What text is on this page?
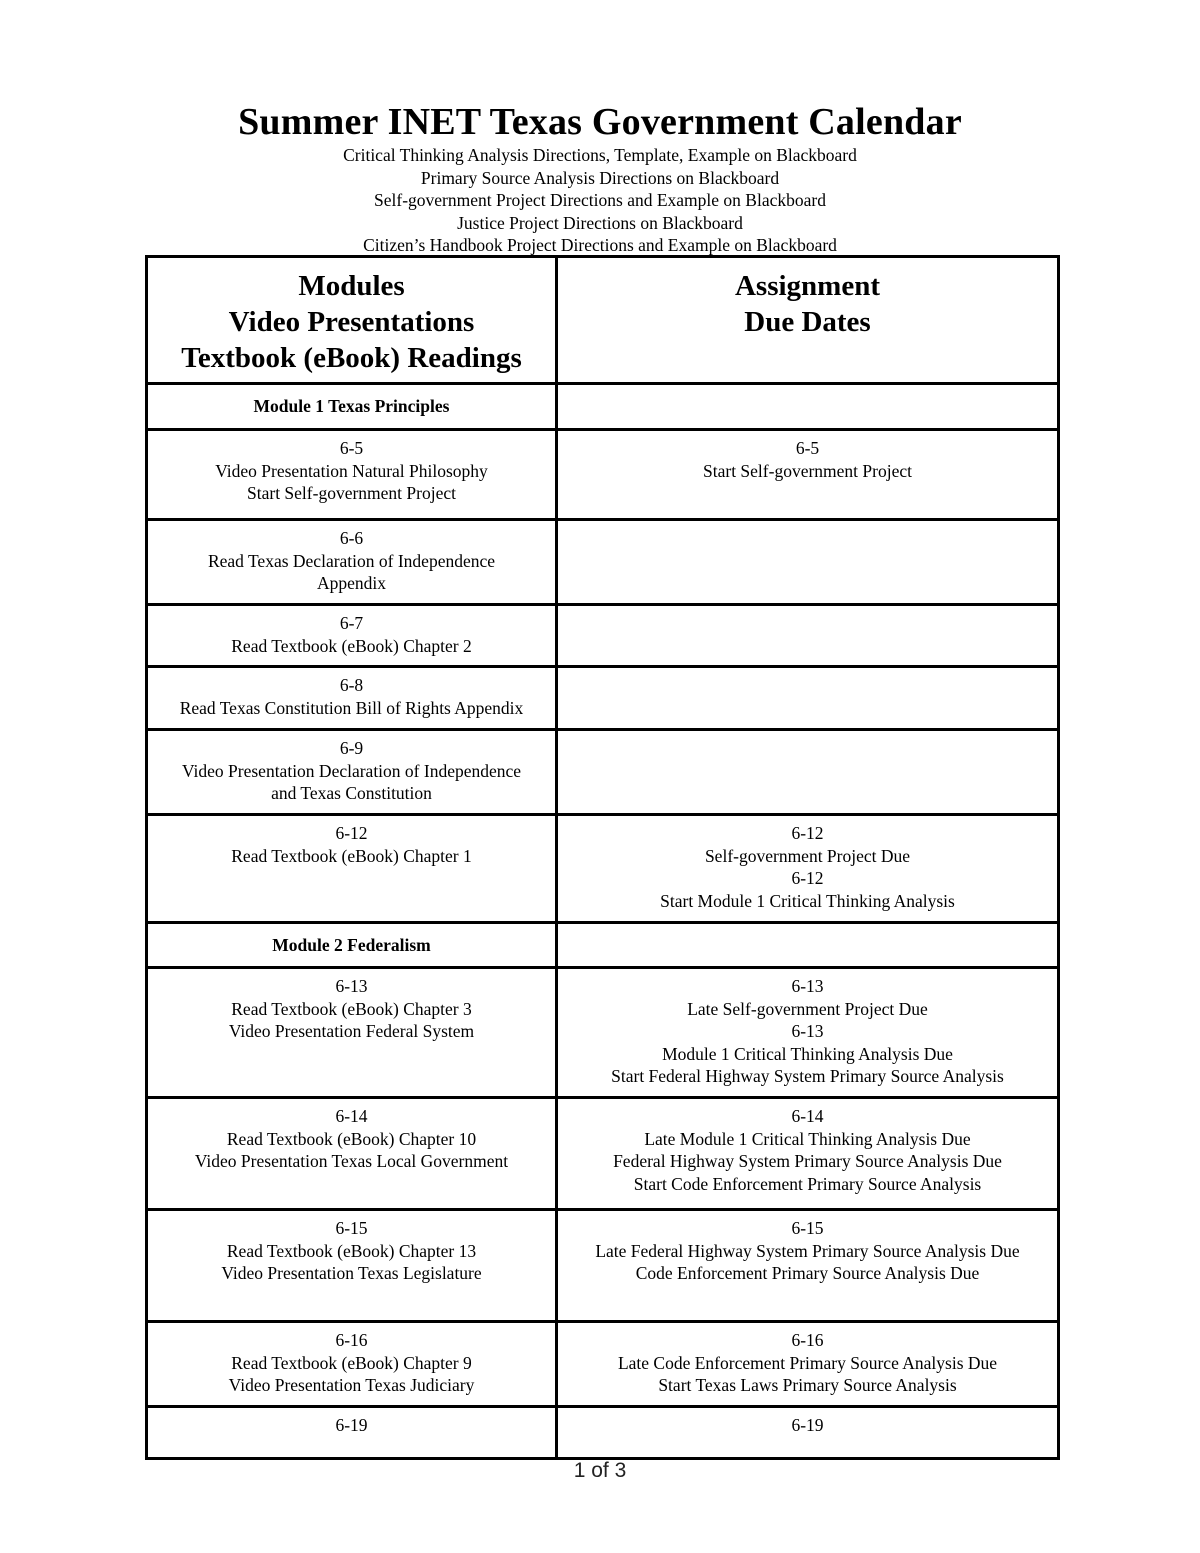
Summer INET Texas Government Calendar
Critical Thinking Analysis Directions, Template, Example on Blackboard
Primary Source Analysis Directions on Blackboard
Self-government Project Directions and Example on Blackboard
Justice Project Directions on Blackboard
Citizen’s Handbook Project Directions and Example on Blackboard
Modules
Video Presentations
Textbook (eBook) Readings	Assignment
Due Dates

Module 1 Texas Principles	

6-5
Video Presentation Natural Philosophy
Start Self-government Project	6-5
Start Self-government Project

6-6
Read Texas Declaration of Independence
Appendix	

6-7
Read Textbook (eBook) Chapter 2	

6-8
Read Texas Constitution Bill of Rights Appendix	

6-9
Video Presentation Declaration of Independence
and Texas Constitution	

6-12
Read Textbook (eBook) Chapter 1	6-12
Self-government Project Due
6-12
Start Module 1 Critical Thinking Analysis

Module 2 Federalism	

6-13
Read Textbook (eBook) Chapter 3
Video Presentation Federal System	6-13
Late Self-government Project Due
6-13
Module 1 Critical Thinking Analysis Due
Start Federal Highway System Primary Source Analysis

6-14
Read Textbook (eBook) Chapter 10
Video Presentation Texas Local Government	6-14
Late Module 1 Critical Thinking Analysis Due
Federal Highway System Primary Source Analysis Due
Start Code Enforcement Primary Source Analysis

6-15
Read Textbook (eBook) Chapter 13
Video Presentation Texas Legislature	6-15
Late Federal Highway System Primary Source Analysis Due
Code Enforcement Primary Source Analysis Due

6-16
Read Textbook (eBook) Chapter 9
Video Presentation Texas Judiciary	6-16
Late Code Enforcement Primary Source Analysis Due
Start Texas Laws Primary Source Analysis

6-19	6-19
1 of 3
